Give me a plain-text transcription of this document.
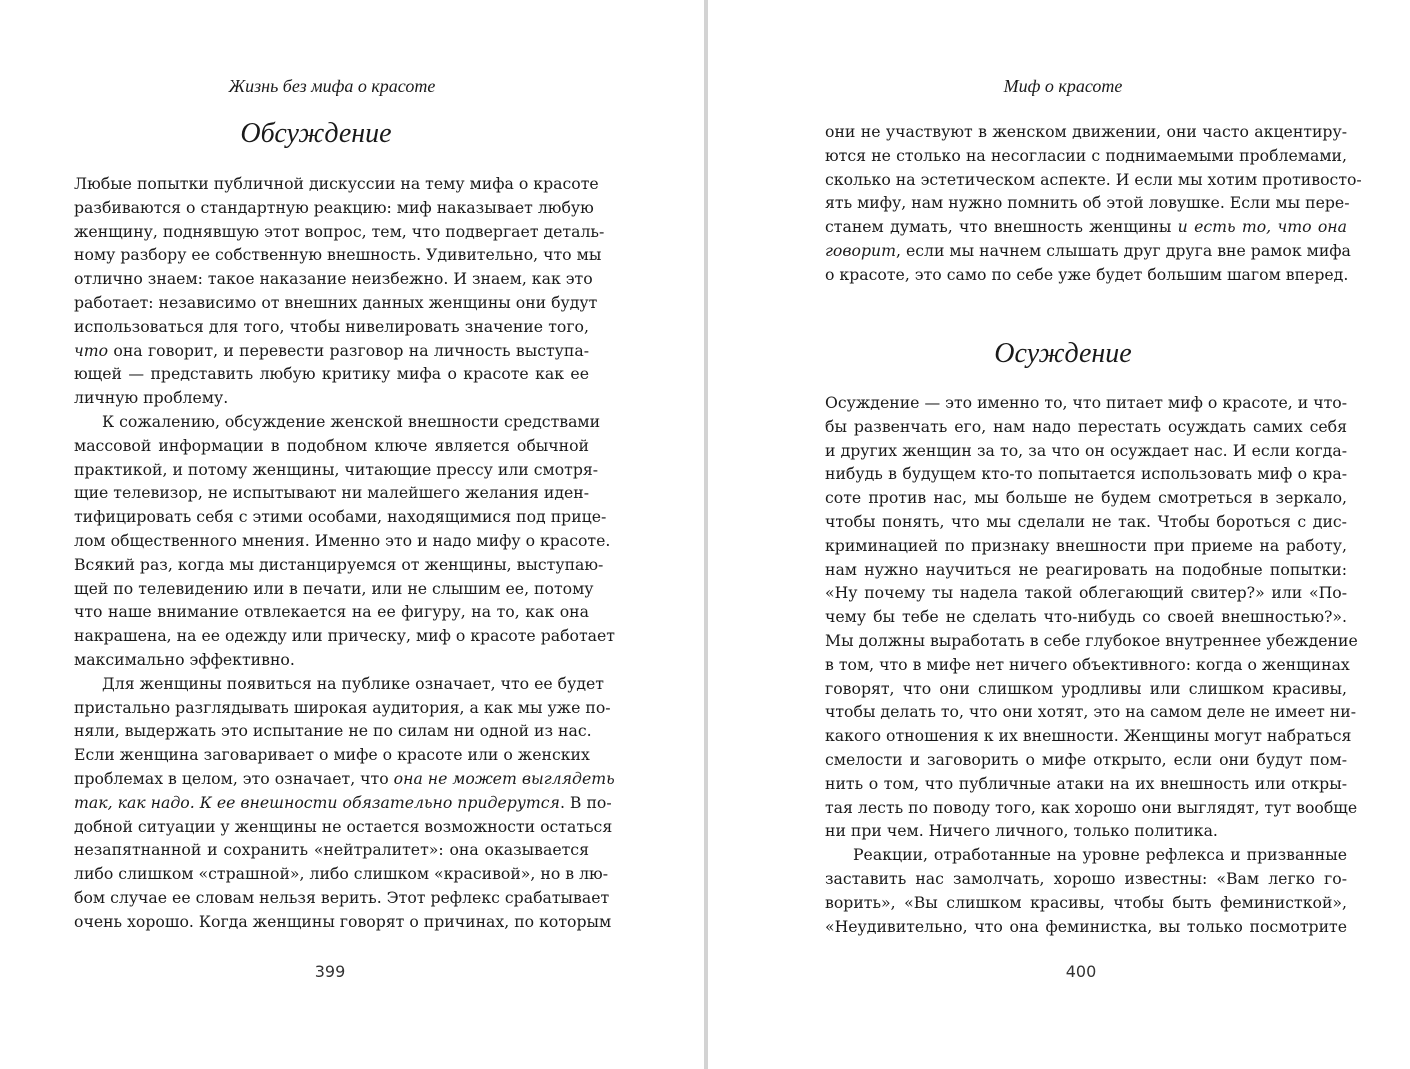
Жизнь без мифа о красоте
Обсуждение
Любые попытки публичной дискуссии на тему мифа о красоте
разбиваются о стандартную реакцию: миф наказывает любую
женщину, поднявшую этот вопрос, тем, что подвергает деталь-
ному разбору ее собственную внешность. Удивительно, что мы
отлично знаем: такое наказание неизбежно. И знаем, как это
работает: независимо от внешних данных женщины они будут
использоваться для того, чтобы нивелировать значение того,
что она говорит, и перевести разговор на личность выступа-
ющей — представить любую критику мифа о красоте как ее
личную проблему.
К сожалению, обсуждение женской внешности средствами
массовой информации в подобном ключе является обычной
практикой, и потому женщины, читающие прессу или смотря-
щие телевизор, не испытывают ни малейшего желания иден-
тифицировать себя с этими особами, находящимися под прице-
лом общественного мнения. Именно это и надо мифу о красоте.
Всякий раз, когда мы дистанцируемся от женщины, выступаю-
щей по телевидению или в печати, или не слышим ее, потому
что наше внимание отвлекается на ее фигуру, на то, как она
накрашена, на ее одежду или прическу, миф о красоте работает
максимально эффективно.
Для женщины появиться на публике означает, что ее будет
пристально разглядывать широкая аудитория, а как мы уже по-
няли, выдержать это испытание не по силам ни одной из нас.
Если женщина заговаривает о мифе о красоте или о женских
проблемах в целом, это означает, что она не может выглядеть
так, как надо. К ее внешности обязательно придерутся. В по-
добной ситуации у женщины не остается возможности остаться
незапятнанной и сохранить «нейтралитет»: она оказывается
либо слишком «страшной», либо слишком «красивой», но в лю-
бом случае ее словам нельзя верить. Этот рефлекс срабатывает
очень хорошо. Когда женщины говорят о причинах, по которым
399
Миф о красоте
они не участвуют в женском движении, они часто акцентиру-
ются не столько на несогласии с поднимаемыми проблемами,
сколько на эстетическом аспекте. И если мы хотим противосто-
ять мифу, нам нужно помнить об этой ловушке. Если мы пере-
станем думать, что внешность женщины и есть то, что она
говорит, если мы начнем слышать друг друга вне рамок мифа
о красоте, это само по себе уже будет большим шагом вперед.
Осуждение
Осуждение — это именно то, что питает миф о красоте, и что-
бы развенчать его, нам надо перестать осуждать самих себя
и других женщин за то, за что он осуждает нас. И если когда-
нибудь в будущем кто-то попытается использовать миф о кра-
соте против нас, мы больше не будем смотреться в зеркало,
чтобы понять, что мы сделали не так. Чтобы бороться с дис-
криминацией по признаку внешности при приеме на работу,
нам нужно научиться не реагировать на подобные попытки:
«Ну почему ты надела такой облегающий свитер?» или «По-
чему бы тебе не сделать что-нибудь со своей внешностью?».
Мы должны выработать в себе глубокое внутреннее убеждение
в том, что в мифе нет ничего объективного: когда о женщинах
говорят, что они слишком уродливы или слишком красивы,
чтобы делать то, что они хотят, это на самом деле не имеет ни-
какого отношения к их внешности. Женщины могут набраться
смелости и заговорить о мифе открыто, если они будут пом-
нить о том, что публичные атаки на их внешность или откры-
тая лесть по поводу того, как хорошо они выглядят, тут вообще
ни при чем. Ничего личного, только политика.
Реакции, отработанные на уровне рефлекса и призванные
заставить нас замолчать, хорошо известны: «Вам легко го-
ворить», «Вы слишком красивы, чтобы быть феминисткой»,
«Неудивительно, что она феминистка, вы только посмотрите
400
